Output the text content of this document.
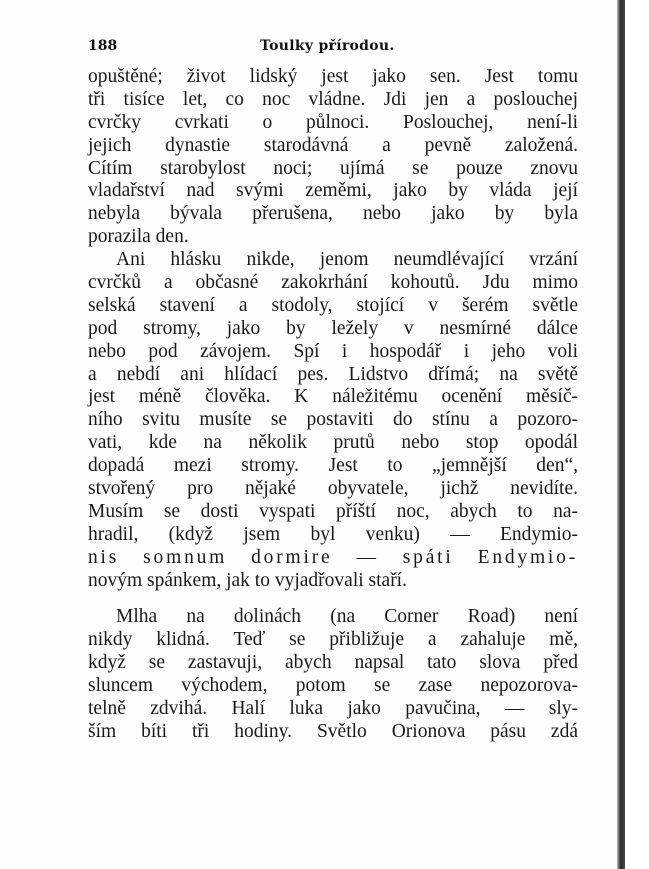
188	Toulky přírodou.

opuštěné; život lidský jest jako sen. Jest tomu
tři tisíce let, co noc vládne. Jdi jen a poslouchej
cvrčky cvrkati o půlnoci. Poslouchej, není-li
jejich dynastie starodávná a pevně založená.
Cítím starobylost noci; ujímá se pouze znovu
vladařství nad svými zeměmi, jako by vláda její
nebyla bývala přerušena, nebo jako by byla
porazila den.

Ani hlásku nikde, jenom neumdlévající vrzání
cvrčků a občasné zakokrhání kohoutů. Jdu mimo
selská stavení a stodoly, stojící v šerém světle
pod stromy, jako by ležely v nesmírné dálce
nebo pod závojem. Spí i hospodář i jeho voli
a nebdí ani hlídací pes. Lidstvo dřímá; na světě
jest méně člověka. K náležitému ocenění měsíč-
ního svitu musíte se postaviti do stínu a pozoro-
vati, kde na několik prutů nebo stop opodál
dopadá mezi stromy. Jest to „jemnější den“,
stvořený pro nějaké obyvatele, jichž nevidíte.
Musím se dosti vyspati příští noc, abych to na-
hradil, (když jsem byl venku) — Endymio-
nis somnum dormire — spáti Endymio-
novým spánkem, jak to vyjadřovali staří.

Mlha na dolinách (na Corner Road) není
nikdy klidná. Teď se přibližuje a zahaluje mě,
když se zastavuji, abych napsal tato slova před
sluncem východem, potom se zase nepozorova-
telně zdvihá. Halí luka jako pavučina, — sly-
ším bíti tři hodiny. Světlo Orionova pásu zdá
